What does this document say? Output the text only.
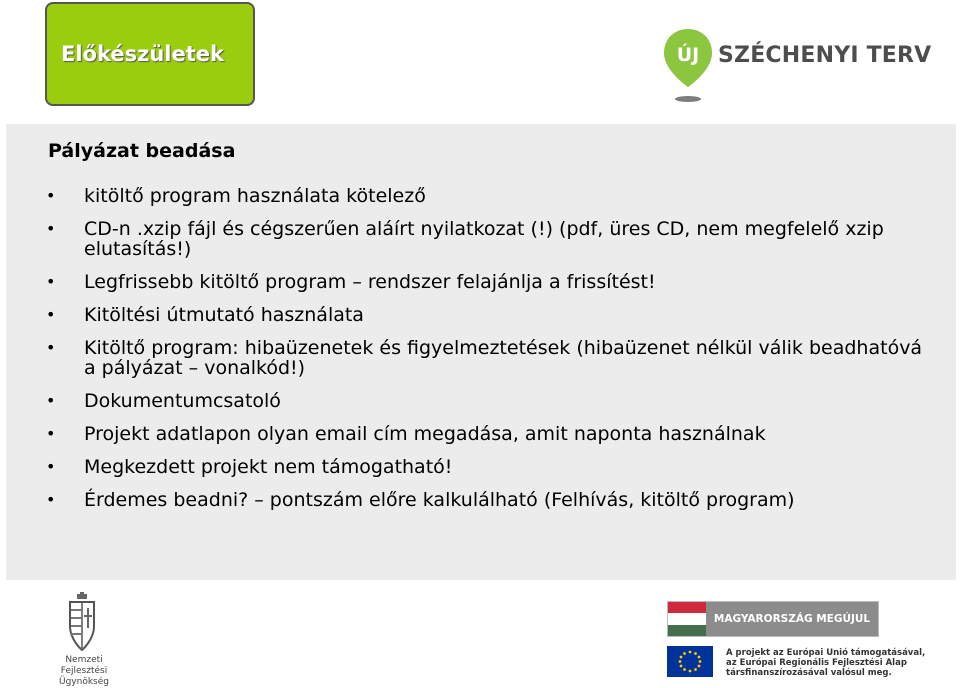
Előkészületek	ÚJ SZÉCHENYI TERV
Pályázat beadása
• kitöltő program használata kötelező
• CD-n .xzip fájl és cégszerűen aláírt nyilatkozat (!) (pdf, üres CD, nem megfelelő xzip elutasítás!)
• Legfrissebb kitöltő program – rendszer felajánlja a frissítést!
• Kitöltési útmutató használata
• Kitöltő program: hibaüzenetek és figyelmeztetések (hibaüzenet nélkül válik beadhatóvá a pályázat – vonalkód!)
• Dokumentumcsatoló
• Projekt adatlapon olyan email cím megadása, amit naponta használnak
• Megkezdett projekt nem támogatható!
• Érdemes beadni? – pontszám előre kalkulálható (Felhívás, kitöltő program)
Nemzeti
Fejlesztési Ügynökség
MAGYARORSZÁG MEGÚJUL
A projekt az Európai Unió támogatásával,
az Európai Regionális Fejlesztési Alap
társfinanszírozásával valósul meg.
